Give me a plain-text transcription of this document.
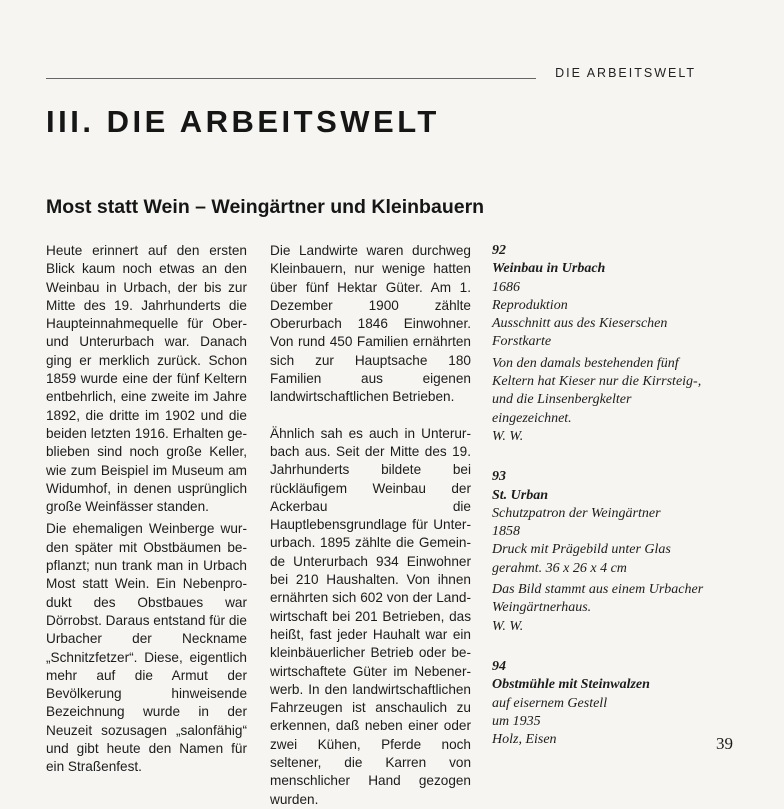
DIE ARBEITSWELT
III. DIE ARBEITSWELT
Most statt Wein – Weingärtner und Kleinbauern

Heute erinnert auf den ersten Blick kaum noch etwas an den Weinbau in Urbach, der bis zur Mitte des 19. Jahrhunderts die Haupteinnahmequelle für Ober- und Unterurbach war. Danach ging er merklich zurück. Schon 1859 wurde eine der fünf Keltern entbehrlich, eine zweite im Jahre 1892, die dritte im 1902 und die beiden letzten 1916. Erhalten geblieben sind noch große Keller, wie zum Beispiel im Museum am Widumhof, in denen usprünglich große Weinfässer standen.

Die ehemaligen Weinberge wurden später mit Obstbäumen bepflanzt; nun trank man in Urbach Most statt Wein. Ein Nebenprodukt des Obstbaues war Dörrobst. Daraus entstand für die Urbacher der Neckname „Schnitzfetzer“. Diese, eigentlich mehr auf die Armut der Bevölkerung hinweisende Bezeichnung wurde in der Neuzeit sozusagen „salonfähig“ und gibt heute den Namen für ein Straßenfest.

Die Landwirte waren durchweg Kleinbauern, nur wenige hatten über fünf Hektar Güter. Am 1. Dezember 1900 zählte Oberurbach 1846 Einwohner. Von rund 450 Familien ernährten sich zur Hauptsache 180 Familien aus eigenen landwirtschaftlichen Betrieben.

Ähnlich sah es auch in Unterurbach aus. Seit der Mitte des 19. Jahrhunderts bildete bei rückläufigem Weinbau der Ackerbau die Hauptlebensgrundlage für Unterurbach. 1895 zählte die Gemeinde Unterurbach 934 Einwohner bei 210 Haushalten. Von ihnen ernährten sich 602 von der Landwirtschaft bei 201 Betrieben, das heißt, fast jeder Hauhalt war ein kleinbäuerlicher Betrieb oder bewirtschaftete Güter im Nebenerwerb. In den landwirtschaftlichen Fahrzeugen ist anschaulich zu erkennen, daß neben einer oder zwei Kühen, Pferde noch seltener, die Karren von menschlicher Hand gezogen wurden.

92
Weinbau in Urbach
1686
Reproduktion
Ausschnitt aus des Kieserschen Forstkarte
Von den damals bestehenden fünf Keltern hat Kieser nur die Kirrsteig-, und die Linsenbergkelter eingezeichnet.
W. W.
93
St. Urban
Schutzpatron der Weingärtner
1858
Druck mit Prägebild unter Glas gerahmt. 36 x 26 x 4 cm
Das Bild stammt aus einem Urbacher Weingärtnerhaus.
W. W.
94
Obstmühle mit Steinwalzen
auf eisernem Gestell
um 1935
Holz, Eisen	39
